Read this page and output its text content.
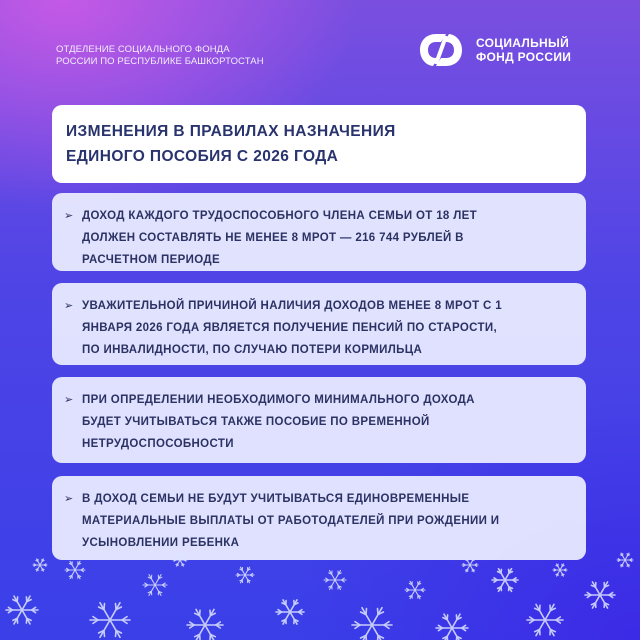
ОТДЕЛЕНИЕ СОЦИАЛЬНОГО ФОНДА
РОССИИ ПО РЕСПУБЛИКЕ БАШКОРТОСТАН
СОЦИАЛЬНЫЙ
ФОНД РОССИИ
ИЗМЕНЕНИЯ В ПРАВИЛАХ НАЗНАЧЕНИЯ
ЕДИНОГО ПОСОБИЯ С 2026 ГОДА
➢ ДОХОД КАЖДОГО ТРУДОСПОСОБНОГО ЧЛЕНА СЕМЬИ ОТ 18 ЛЕТ
ДОЛЖЕН СОСТАВЛЯТЬ НЕ МЕНЕЕ 8 МРОТ — 216 744 РУБЛЕЙ В
РАСЧЕТНОМ ПЕРИОДЕ
➢ УВАЖИТЕЛЬНОЙ ПРИЧИНОЙ НАЛИЧИЯ ДОХОДОВ МЕНЕЕ 8 МРОТ С 1
ЯНВАРЯ 2026 ГОДА ЯВЛЯЕТСЯ ПОЛУЧЕНИЕ ПЕНСИЙ ПО СТАРОСТИ,
ПО ИНВАЛИДНОСТИ, ПО СЛУЧАЮ ПОТЕРИ КОРМИЛЬЦА
➢ ПРИ ОПРЕДЕЛЕНИИ НЕОБХОДИМОГО МИНИМАЛЬНОГО ДОХОДА
БУДЕТ УЧИТЫВАТЬСЯ ТАКЖЕ ПОСОБИЕ ПО ВРЕМЕННОЙ
НЕТРУДОСПОСОБНОСТИ
➢ В ДОХОД СЕМЬИ НЕ БУДУТ УЧИТЫВАТЬСЯ ЕДИНОВРЕМЕННЫЕ
МАТЕРИАЛЬНЫЕ ВЫПЛАТЫ ОТ РАБОТОДАТЕЛЕЙ ПРИ РОЖДЕНИИ И
УСЫНОВЛЕНИИ РЕБЕНКА
